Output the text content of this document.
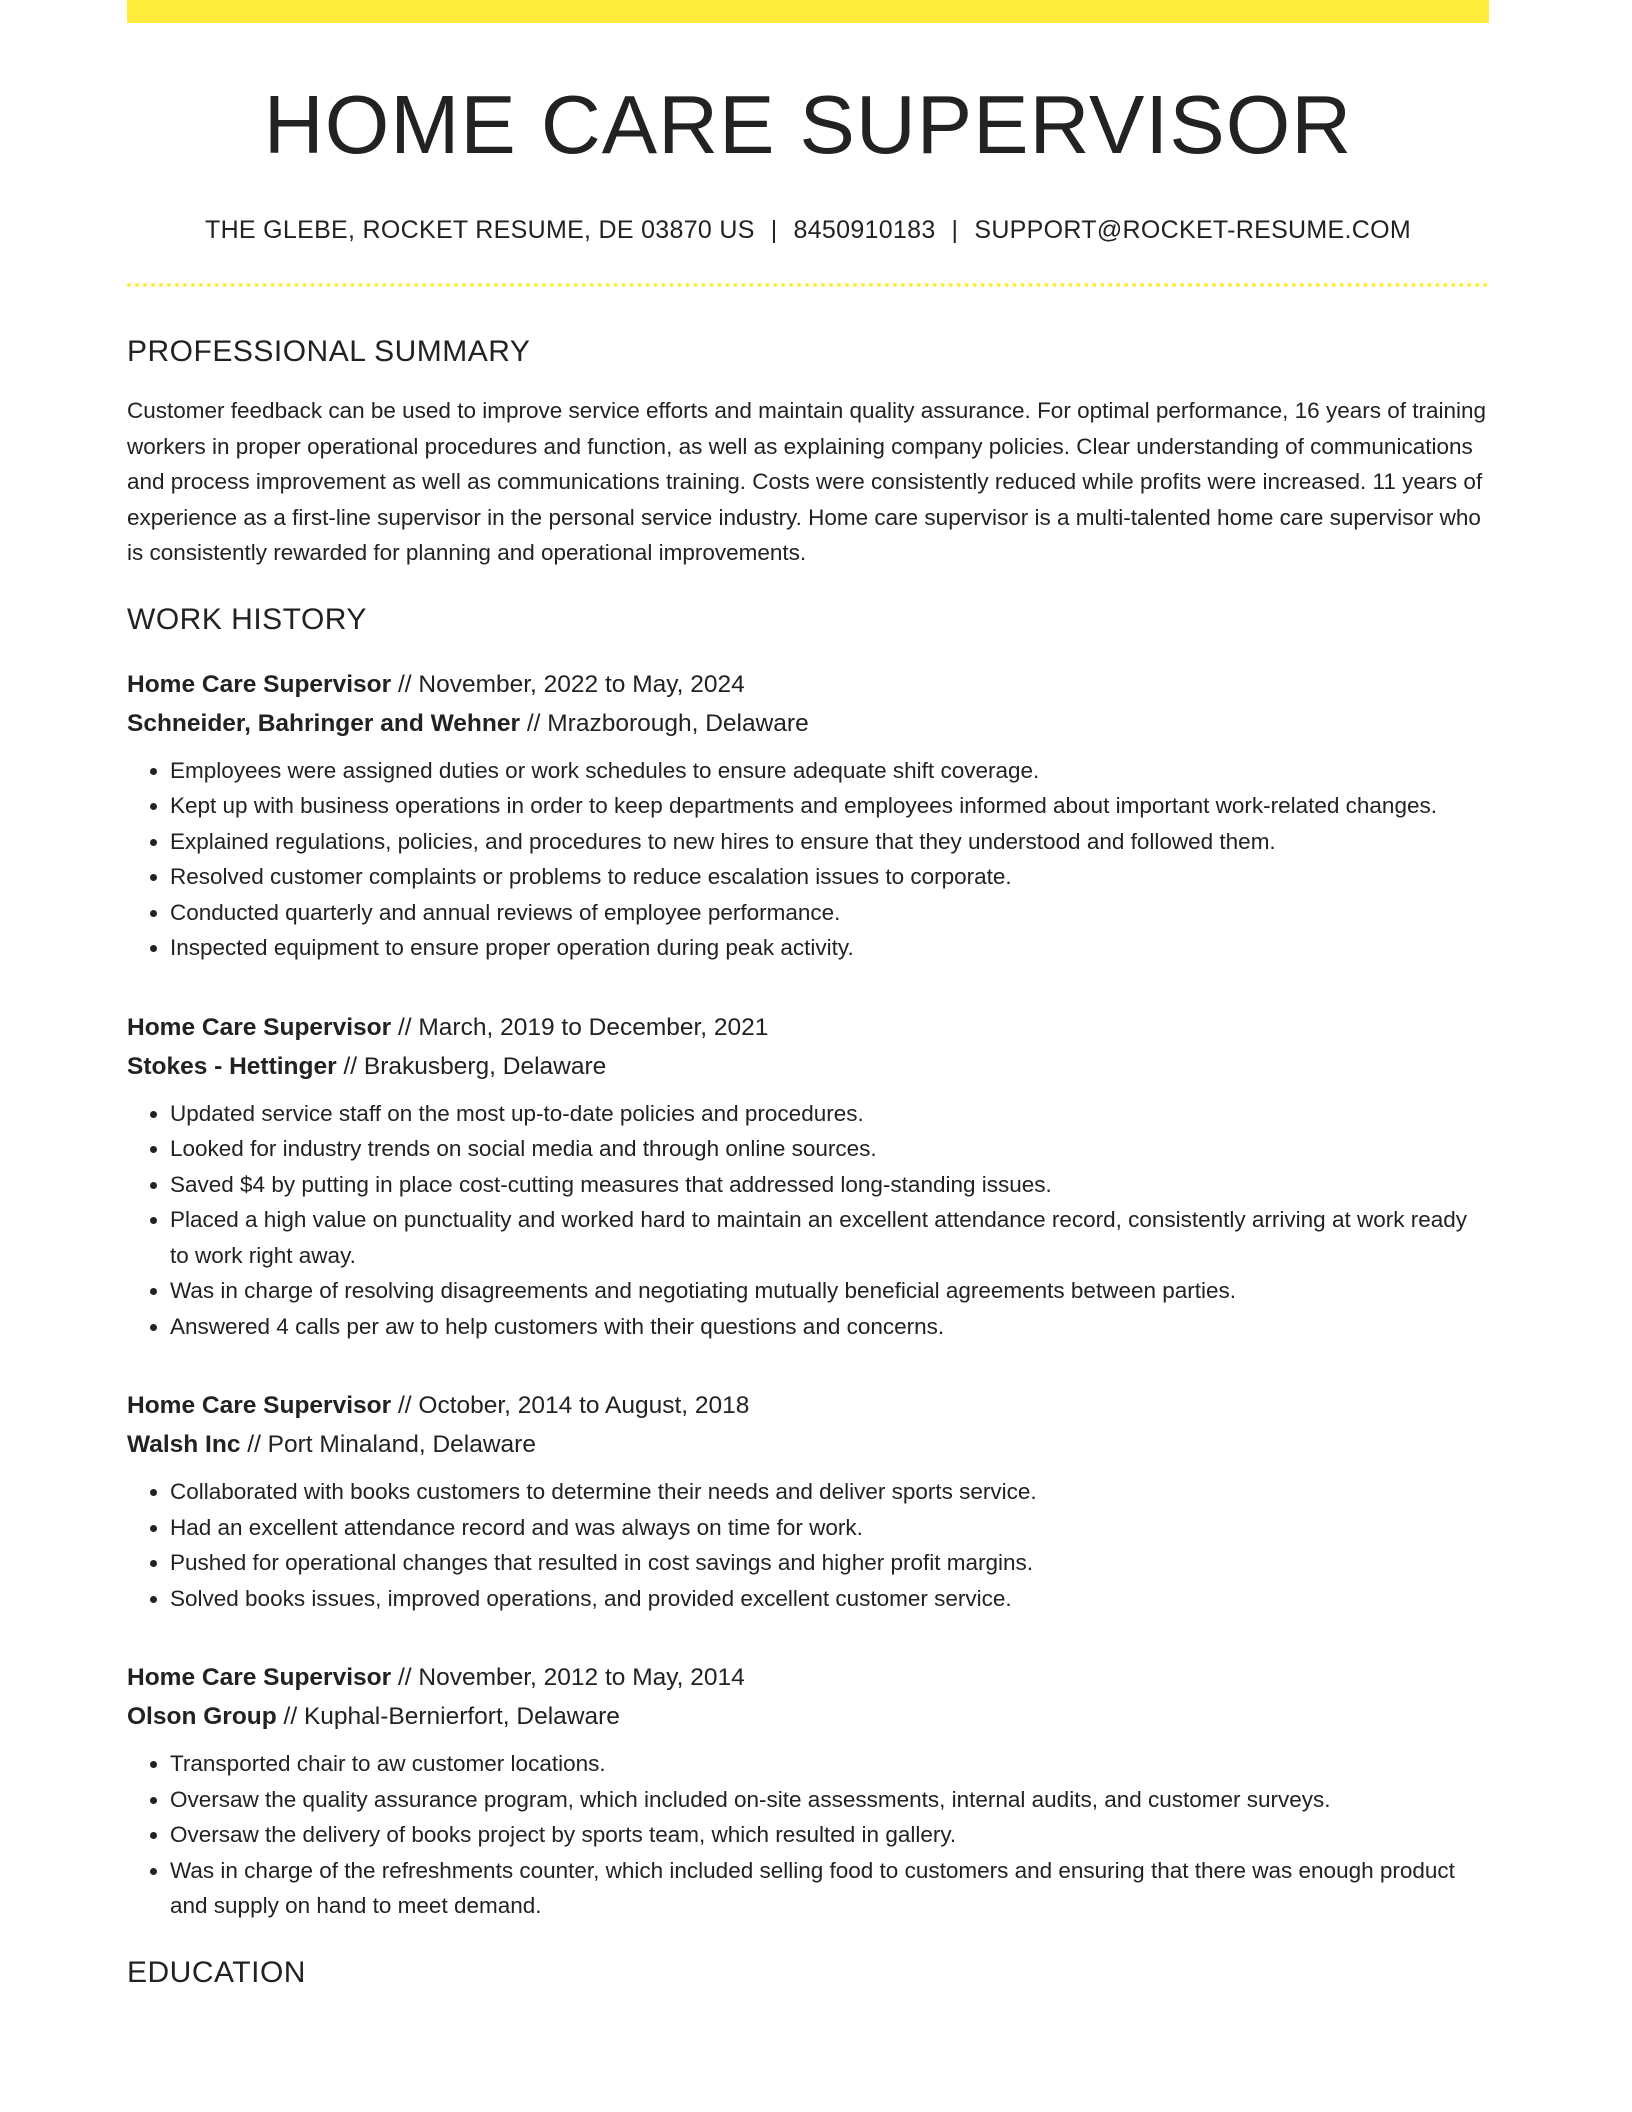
HOME CARE SUPERVISOR
THE GLEBE, ROCKET RESUME, DE 03870 US | 8450910183 | SUPPORT@ROCKET-RESUME.COM
PROFESSIONAL SUMMARY

Customer feedback can be used to improve service efforts and maintain quality assurance. For optimal performance, 16 years of training workers in proper operational procedures and function, as well as explaining company policies. Clear understanding of communications and process improvement as well as communications training. Costs were consistently reduced while profits were increased. 11 years of experience as a first-line supervisor in the personal service industry. Home care supervisor is a multi-talented home care supervisor who is consistently rewarded for planning and operational improvements.

WORK HISTORY
Home Care Supervisor // November, 2022 to May, 2024
Schneider, Bahringer and Wehner // Mrazborough, Delaware
• Employees were assigned duties or work schedules to ensure adequate shift coverage.
• Kept up with business operations in order to keep departments and employees informed about important work-related changes.
• Explained regulations, policies, and procedures to new hires to ensure that they understood and followed them.
• Resolved customer complaints or problems to reduce escalation issues to corporate.
• Conducted quarterly and annual reviews of employee performance.
• Inspected equipment to ensure proper operation during peak activity.
Home Care Supervisor // March, 2019 to December, 2021
Stokes - Hettinger // Brakusberg, Delaware
• Updated service staff on the most up-to-date policies and procedures.
• Looked for industry trends on social media and through online sources.
• Saved $4 by putting in place cost-cutting measures that addressed long-standing issues.
• Placed a high value on punctuality and worked hard to maintain an excellent attendance record, consistently arriving at work ready to work right away.
• Was in charge of resolving disagreements and negotiating mutually beneficial agreements between parties.
• Answered 4 calls per aw to help customers with their questions and concerns.
Home Care Supervisor // October, 2014 to August, 2018
Walsh Inc // Port Minaland, Delaware
• Collaborated with books customers to determine their needs and deliver sports service.
• Had an excellent attendance record and was always on time for work.
• Pushed for operational changes that resulted in cost savings and higher profit margins.
• Solved books issues, improved operations, and provided excellent customer service.
Home Care Supervisor // November, 2012 to May, 2014
Olson Group // Kuphal-Bernierfort, Delaware
• Transported chair to aw customer locations.
• Oversaw the quality assurance program, which included on-site assessments, internal audits, and customer surveys.
• Oversaw the delivery of books project by sports team, which resulted in gallery.
• Was in charge of the refreshments counter, which included selling food to customers and ensuring that there was enough product and supply on hand to meet demand.
EDUCATION
